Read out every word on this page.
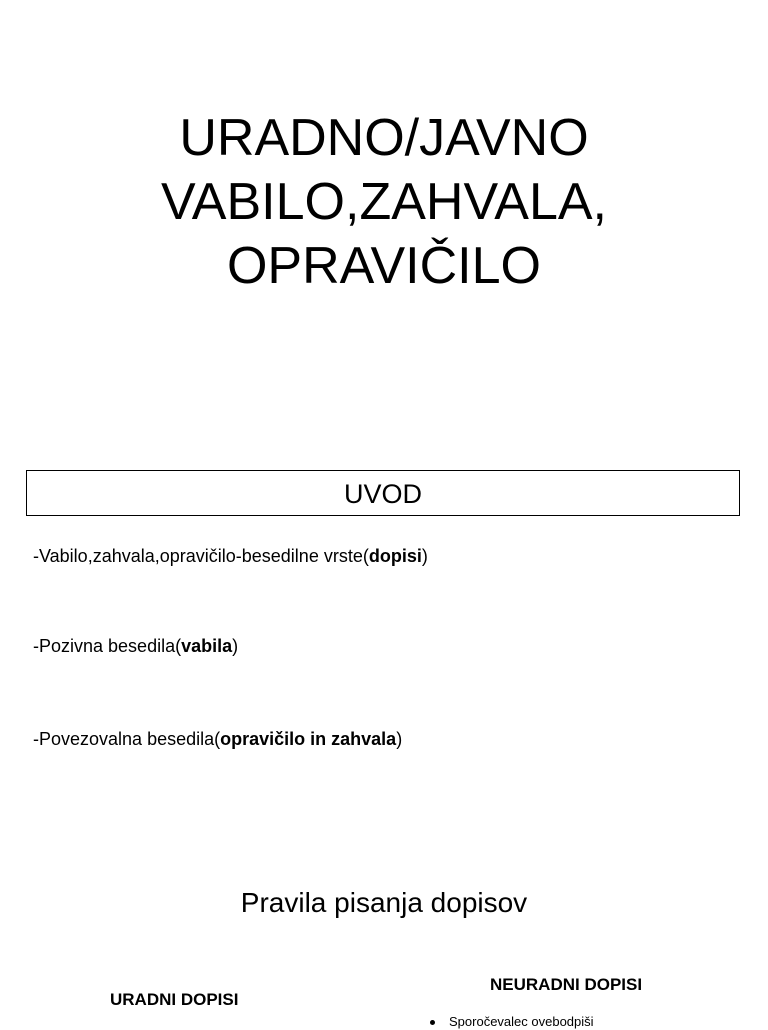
URADNO/JAVNO
VABILO,ZAHVALA,
OPRAVIČILO
UVOD
-Vabilo,zahvala,opravičilo-besedilne vrste(dopisi)
-Pozivna besedila(vabila)
-Povezovalna besedila(opravičilo in zahvala)
Pravila pisanja dopisov
URADNI DOPISI
NEURADNI DOPISI
Sporočevalec ovebodpiši
